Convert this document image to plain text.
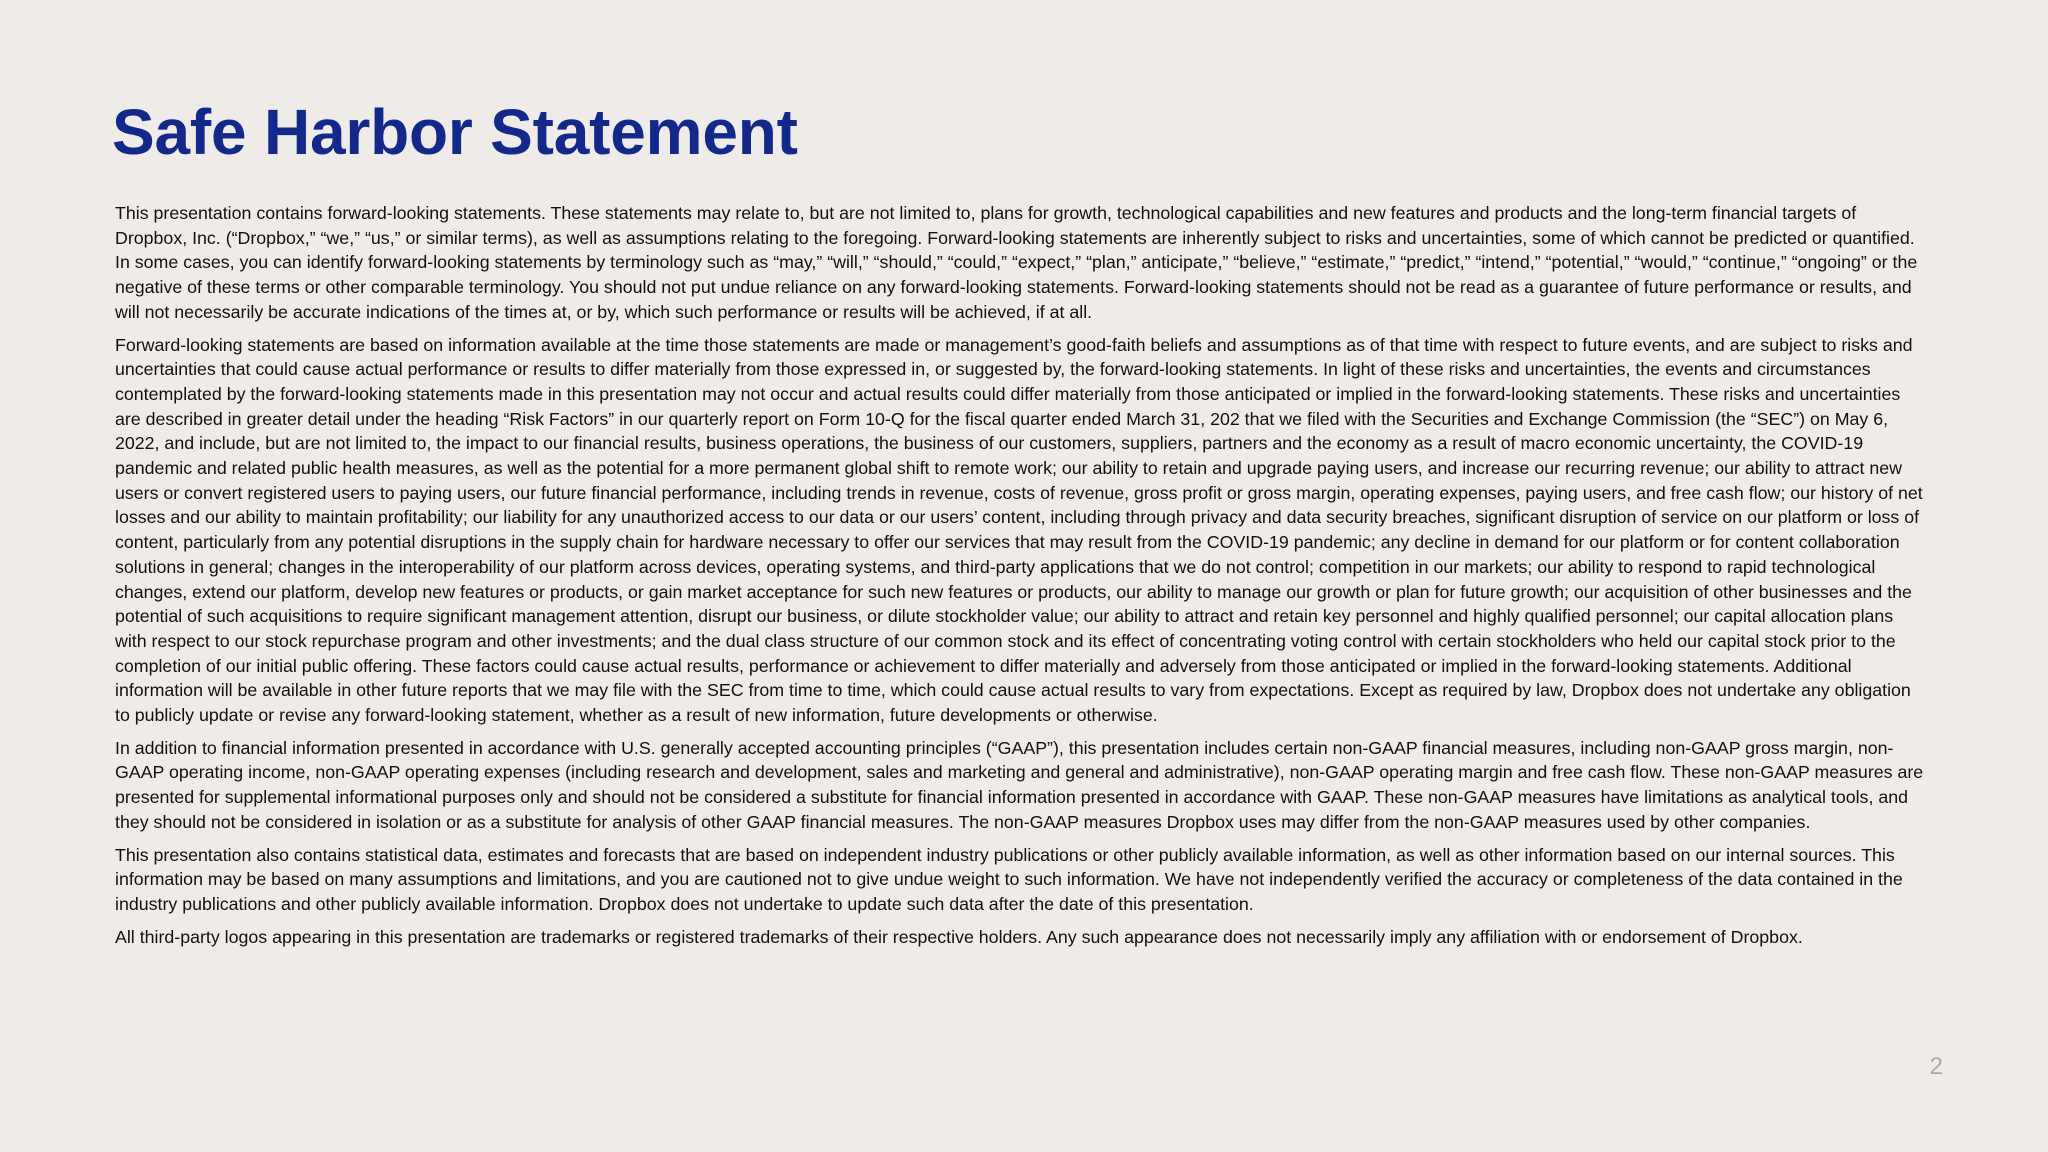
Safe Harbor Statement

This presentation contains forward-looking statements. These statements may relate to, but are not limited to, plans for growth, technological capabilities and new features and products and the long-term financial targets of Dropbox, Inc. (“Dropbox,” “we,” “us,” or similar terms), as well as assumptions relating to the foregoing. Forward-looking statements are inherently subject to risks and uncertainties, some of which cannot be predicted or quantified. In some cases, you can identify forward-looking statements by terminology such as “may,” “will,” “should,” “could,” “expect,” “plan,” anticipate,” “believe,” “estimate,” “predict,” “intend,” “potential,” “would,” “continue,” “ongoing” or the negative of these terms or other comparable terminology. You should not put undue reliance on any forward-looking statements. Forward-looking statements should not be read as a guarantee of future performance or results, and will not necessarily be accurate indications of the times at, or by, which such performance or results will be achieved, if at all.

Forward-looking statements are based on information available at the time those statements are made or management’s good-faith beliefs and assumptions as of that time with respect to future events, and are subject to risks and uncertainties that could cause actual performance or results to differ materially from those expressed in, or suggested by, the forward-looking statements. In light of these risks and uncertainties, the events and circumstances contemplated by the forward-looking statements made in this presentation may not occur and actual results could differ materially from those anticipated or implied in the forward-looking statements. These risks and uncertainties are described in greater detail under the heading “Risk Factors” in our quarterly report on Form 10-Q for the fiscal quarter ended March 31, 202 that we filed with the Securities and Exchange Commission (the “SEC”) on May 6, 2022, and include, but are not limited to, the impact to our financial results, business operations, the business of our customers, suppliers, partners and the economy as a result of macro economic uncertainty, the COVID-19 pandemic and related public health measures, as well as the potential for a more permanent global shift to remote work; our ability to retain and upgrade paying users, and increase our recurring revenue; our ability to attract new users or convert registered users to paying users, our future financial performance, including trends in revenue, costs of revenue, gross profit or gross margin, operating expenses, paying users, and free cash flow; our history of net losses and our ability to maintain profitability; our liability for any unauthorized access to our data or our users’ content, including through privacy and data security breaches, significant disruption of service on our platform or loss of content, particularly from any potential disruptions in the supply chain for hardware necessary to offer our services that may result from the COVID-19 pandemic; any decline in demand for our platform or for content collaboration solutions in general; changes in the interoperability of our platform across devices, operating systems, and third-party applications that we do not control; competition in our markets; our ability to respond to rapid technological changes, extend our platform, develop new features or products, or gain market acceptance for such new features or products, our ability to manage our growth or plan for future growth; our acquisition of other businesses and the potential of such acquisitions to require significant management attention, disrupt our business, or dilute stockholder value; our ability to attract and retain key personnel and highly qualified personnel; our capital allocation plans with respect to our stock repurchase program and other investments; and the dual class structure of our common stock and its effect of concentrating voting control with certain stockholders who held our capital stock prior to the completion of our initial public offering. These factors could cause actual results, performance or achievement to differ materially and adversely from those anticipated or implied in the forward-looking statements. Additional information will be available in other future reports that we may file with the SEC from time to time, which could cause actual results to vary from expectations. Except as required by law, Dropbox does not undertake any obligation to publicly update or revise any forward-looking statement, whether as a result of new information, future developments or otherwise.

In addition to financial information presented in accordance with U.S. generally accepted accounting principles (“GAAP”), this presentation includes certain non-GAAP financial measures, including non-GAAP gross margin, non-GAAP operating income, non-GAAP operating expenses (including research and development, sales and marketing and general and administrative), non-GAAP operating margin and free cash flow. These non-GAAP measures are presented for supplemental informational purposes only and should not be considered a substitute for financial information presented in accordance with GAAP. These non-GAAP measures have limitations as analytical tools, and they should not be considered in isolation or as a substitute for analysis of other GAAP financial measures. The non-GAAP measures Dropbox uses may differ from the non-GAAP measures used by other companies.

This presentation also contains statistical data, estimates and forecasts that are based on independent industry publications or other publicly available information, as well as other information based on our internal sources. This information may be based on many assumptions and limitations, and you are cautioned not to give undue weight to such information. We have not independently verified the accuracy or completeness of the data contained in the industry publications and other publicly available information. Dropbox does not undertake to update such data after the date of this presentation.

All third-party logos appearing in this presentation are trademarks or registered trademarks of their respective holders. Any such appearance does not necessarily imply any affiliation with or endorsement of Dropbox.

2
